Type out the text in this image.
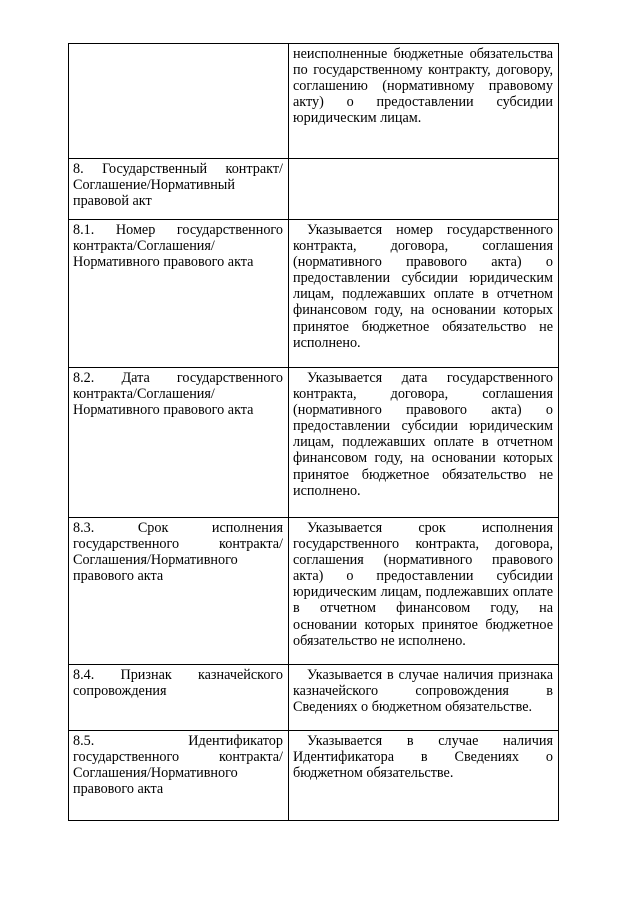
	неисполненные бюджетные обязательства по государственному контракту, договору, соглашению (нормативному правовому акту) о предоставлении субсидии юридическим лицам.
8. Государственный контракт/Соглашение/Нормативный правовой акт	
8.1. Номер государственного контракта/Соглашения/Нормативного правового акта	Указывается номер государственного контракта, договора, соглашения (нормативного правового акта) о предоставлении субсидии юридическим лицам, подлежавших оплате в отчетном финансовом году, на основании которых принятое бюджетное обязательство не исполнено.
8.2. Дата государственного контракта/Соглашения/Нормативного правового акта	Указывается дата государственного контракта, договора, соглашения (нормативного правового акта) о предоставлении субсидии юридическим лицам, подлежавших оплате в отчетном финансовом году, на основании которых принятое бюджетное обязательство не исполнено.
8.3. Срок исполнения государственного контракта/Соглашения/Нормативного правового акта	Указывается срок исполнения государственного контракта, договора, соглашения (нормативного правового акта) о предоставлении субсидии юридическим лицам, подлежавших оплате в отчетном финансовом году, на основании которых принятое бюджетное обязательство не исполнено.
8.4. Признак казначейского сопровождения	Указывается в случае наличия признака казначейского сопровождения в Сведениях о бюджетном обязательстве.
8.5. Идентификатор государственного контракта/Соглашения/Нормативного правового акта	Указывается в случае наличия Идентификатора в Сведениях о бюджетном обязательстве.
